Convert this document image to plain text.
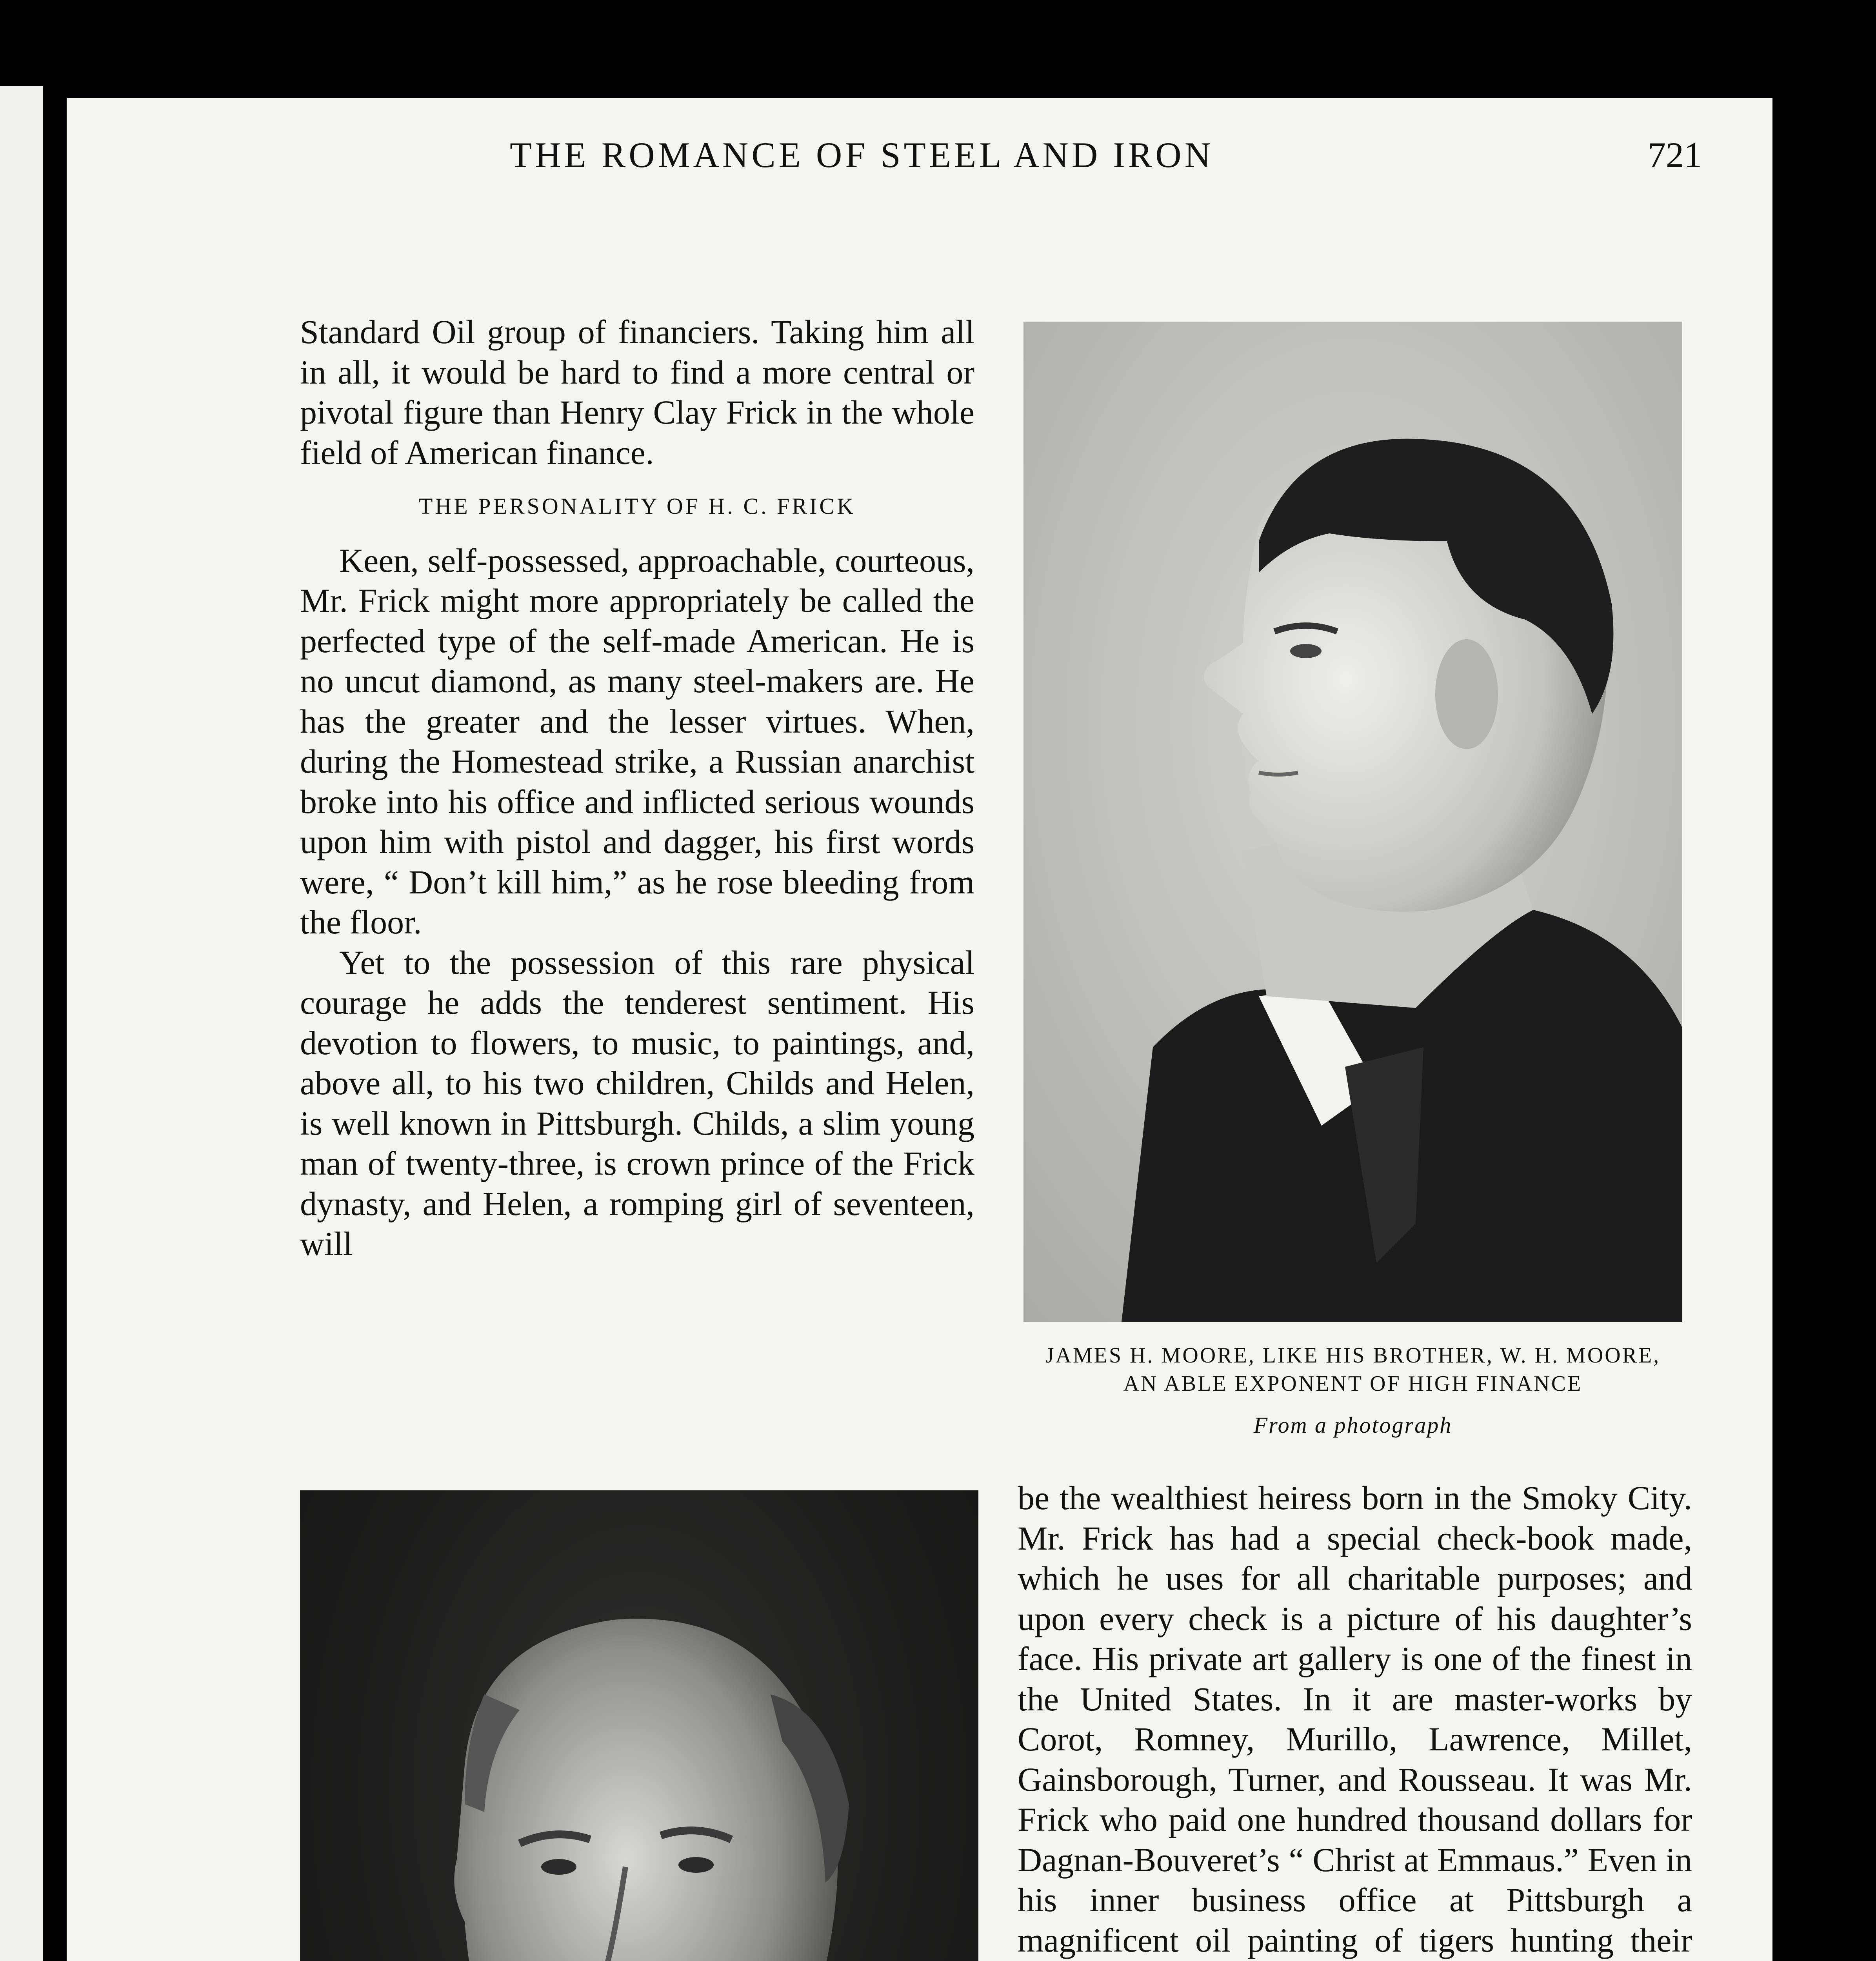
THE ROMANCE OF STEEL AND IRON	721

Standard Oil group of financiers. Taking him all in all, it would be hard to find a more central or pivotal figure than Henry Clay Frick in the whole field of American finance.

THE PERSONALITY OF H. C. FRICK

Keen, self-possessed, approachable, courteous, Mr. Frick might more appropriately be called the perfected type of the self-made American. He is no uncut diamond, as many steel-makers are. He has the greater and the lesser virtues. When, during the Homestead strike, a Russian anarchist broke into his office and inflicted serious wounds upon him with pistol and dagger, his first words were, “ Don’t kill him,” as he rose bleeding from the floor.

Yet to the possession of this rare physical courage he adds the tenderest sentiment. His devotion to flowers, to music, to paintings, and, above all, to his two children, Childs and Helen, is well known in Pittsburgh. Childs, a slim young man of twenty-three, is crown prince of the Frick dynasty, and Helen, a romping girl of seventeen, will

JAMES H. MOORE, LIKE HIS BROTHER, W. H. MOORE,
AN ABLE EXPONENT OF HIGH FINANCE
From a photograph

be the wealthiest heiress born in the Smoky City. Mr. Frick has had a special check-book made, which he uses for all charitable purposes; and upon every check is a picture of his daughter’s face. His private art gallery is one of the finest in the United States. In it are master-works by Corot, Romney, Murillo, Lawrence, Millet, Gainsborough, Turner, and Rousseau. It was Mr. Frick who paid one hundred thousand dollars for Dagnan-Bouveret’s “ Christ at Emmaus.” Even in his inner business office at Pittsburgh a magnificent oil painting of tigers hunting their
